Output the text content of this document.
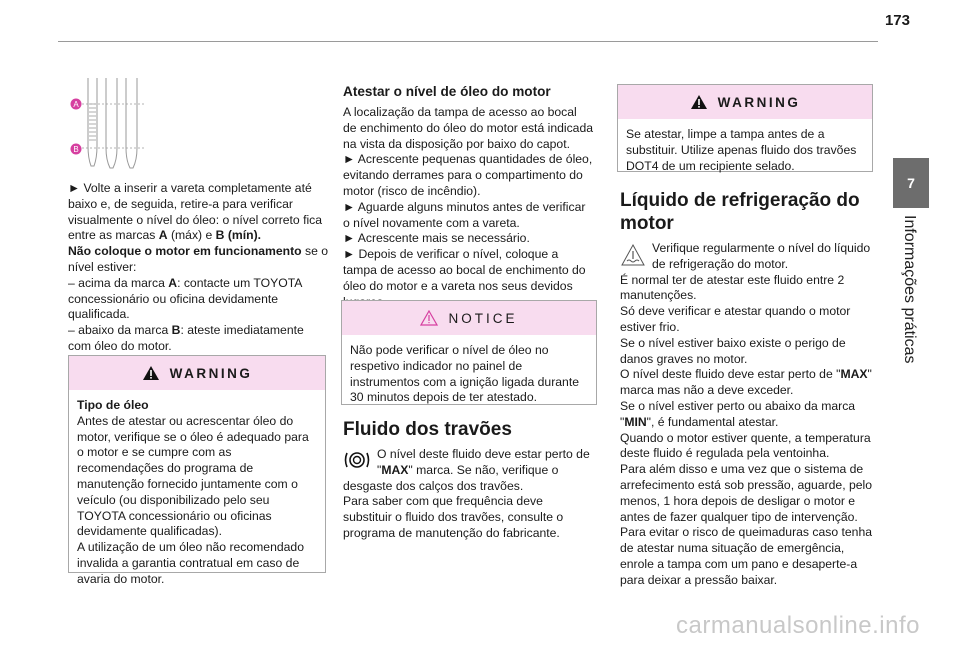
173
7
Informações práticas
A
B

► Volte a inserir a vareta completamente até baixo e, de seguida, retire-a para verificar visualmente o nível do óleo: o nível correto fica entre as marcas A (máx) e B (mín).

Não coloque o motor em funcionamento se o nível estiver:

– acima da marca A: contacte um TOYOTA concessionário ou oficina devidamente qualificada.

– abaixo da marca B: ateste imediatamente com óleo do motor.

WARNING

Tipo de óleo

Antes de atestar ou acrescentar óleo do motor, verifique se o óleo é adequado para o motor e se cumpre com as recomendações do programa de manutenção fornecido juntamente com o veículo (ou disponibilizado pelo seu TOYOTA concessionário ou oficinas devidamente qualificadas).

A utilização de um óleo não recomendado invalida a garantia contratual em caso de avaria do motor.

Atestar o nível de óleo do motor

A localização da tampa de acesso ao bocal de enchimento do óleo do motor está indicada na vista da disposição por baixo do capot.

► Acrescente pequenas quantidades de óleo, evitando derrames para o compartimento do motor (risco de incêndio).

► Aguarde alguns minutos antes de verificar o nível novamente com a vareta.

► Acrescente mais se necessário.

► Depois de verificar o nível, coloque a tampa de acesso ao bocal de enchimento do óleo do motor e a vareta nos seus devidos

NOTICE

Não pode verificar o nível de óleo no respetivo indicador no painel de instrumentos com a ignição ligada durante 30 minutos depois de ter atestado.

Fluido dos travões

O nível deste fluido deve estar perto de "MAX" marca. Se não, verifique o desgaste dos calços dos travões.

Para saber com que frequência deve substituir o fluido dos travões, consulte o programa de manutenção do fabricante.

WARNING

Se atestar, limpe a tampa antes de a substituir. Utilize apenas fluido dos travões DOT4 de um recipiente selado.

Líquido de refrigeração do
motor

Verifique regularmente o nível do líquido de refrigeração do motor.

É normal ter de atestar este fluido entre 2 manutenções.

Só deve verificar e atestar quando o motor estiver frio.

Se o nível estiver baixo existe o perigo de danos graves no motor.

O nível deste fluido deve estar perto de "MAX" marca mas não a deve exceder.

Se o nível estiver perto ou abaixo da marca "MIN", é fundamental atestar.

Quando o motor estiver quente, a temperatura deste fluido é regulada pela ventoinha.

Para além disso e uma vez que o sistema de arrefecimento está sob pressão, aguarde, pelo menos, 1 hora depois de desligar o motor e antes de fazer qualquer tipo de intervenção.

Para evitar o risco de queimaduras caso tenha de atestar numa situação de emergência, enrole a tampa com um pano e desaperte-a para deixar a pressão baixar.

carmanualsonline.info
